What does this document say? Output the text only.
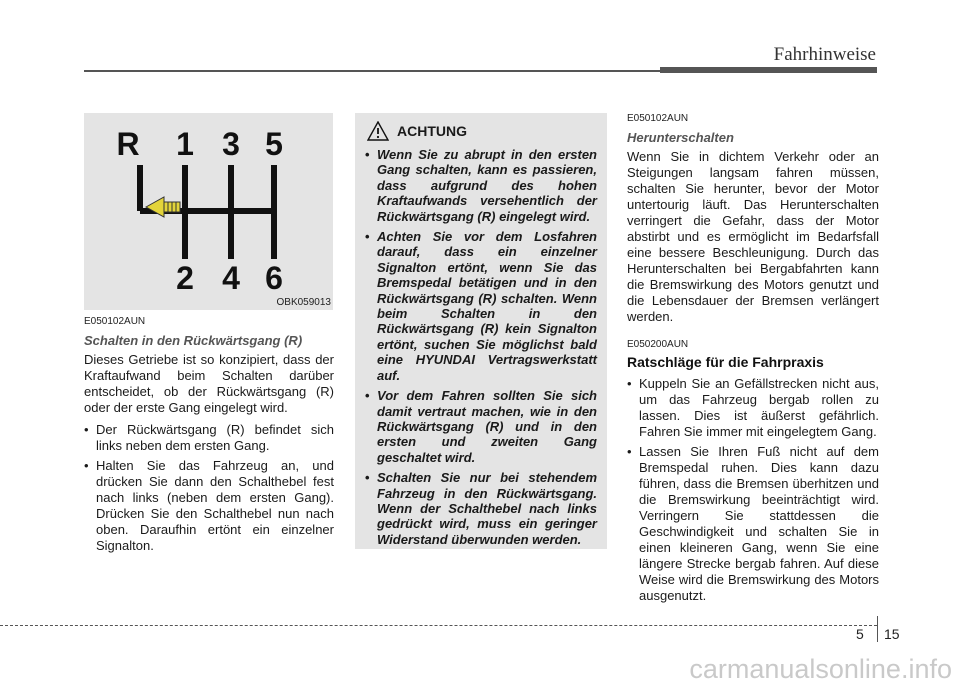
Fahrhinweise
R 1 3 5
2 4 6
OBK059013
E050102AUN
Schalten in den Rückwärtsgang (R)
Dieses Getriebe ist so konzipiert, dass der Kraftaufwand beim Schalten darüber entscheidet, ob der Rückwärtsgang (R) oder der erste Gang eingelegt wird.
• Der Rückwärtsgang (R) befindet sich links neben dem ersten Gang.
• Halten Sie das Fahrzeug an, und drücken Sie dann den Schalthebel fest nach links (neben dem ersten Gang). Drücken Sie den Schalthebel nun nach oben. Daraufhin ertönt ein einzelner Signalton.
ACHTUNG
• Wenn Sie zu abrupt in den ersten Gang schalten, kann es passieren, dass aufgrund des hohen Kraftaufwands versehentlich der Rückwärtsgang (R) eingelegt wird.
• Achten Sie vor dem Losfahren darauf, dass ein einzelner Signalton ertönt, wenn Sie das Bremspedal betätigen und in den Rückwärtsgang (R) schalten. Wenn beim Schalten in den Rückwärtsgang (R) kein Signalton ertönt, suchen Sie möglichst bald eine HYUNDAI Vertragswerkstatt auf.
• Vor dem Fahren sollten Sie sich damit vertraut machen, wie in den Rückwärtsgang (R) und in den ersten und zweiten Gang geschaltet wird.
• Schalten Sie nur bei stehendem Fahrzeug in den Rückwärtsgang. Wenn der Schalthebel nach links gedrückt wird, muss ein geringer Widerstand überwunden werden.
E050102AUN
Herunterschalten
Wenn Sie in dichtem Verkehr oder an Steigungen langsam fahren müssen, schalten Sie herunter, bevor der Motor untertourig läuft. Das Herunterschalten verringert die Gefahr, dass der Motor abstirbt und es ermöglicht im Bedarfsfall eine bessere Beschleunigung. Durch das Herunterschalten bei Bergabfahrten kann die Bremswirkung des Motors genutzt und die Lebensdauer der Bremsen verlängert werden.
E050200AUN
Ratschläge für die Fahrpraxis
• Kuppeln Sie an Gefällstrecken nicht aus, um das Fahrzeug bergab rollen zu lassen. Dies ist äußerst gefährlich. Fahren Sie immer mit eingelegtem Gang.
• Lassen Sie Ihren Fuß nicht auf dem Bremspedal ruhen. Dies kann dazu führen, dass die Bremsen überhitzen und die Bremswirkung beeinträchtigt wird. Verringern Sie stattdessen die Geschwindigkeit und schalten Sie in einen kleineren Gang, wenn Sie eine längere Strecke bergab fahren. Auf diese Weise wird die Bremswirkung des Motors ausgenutzt.
5 15
carmanualsonline.info
